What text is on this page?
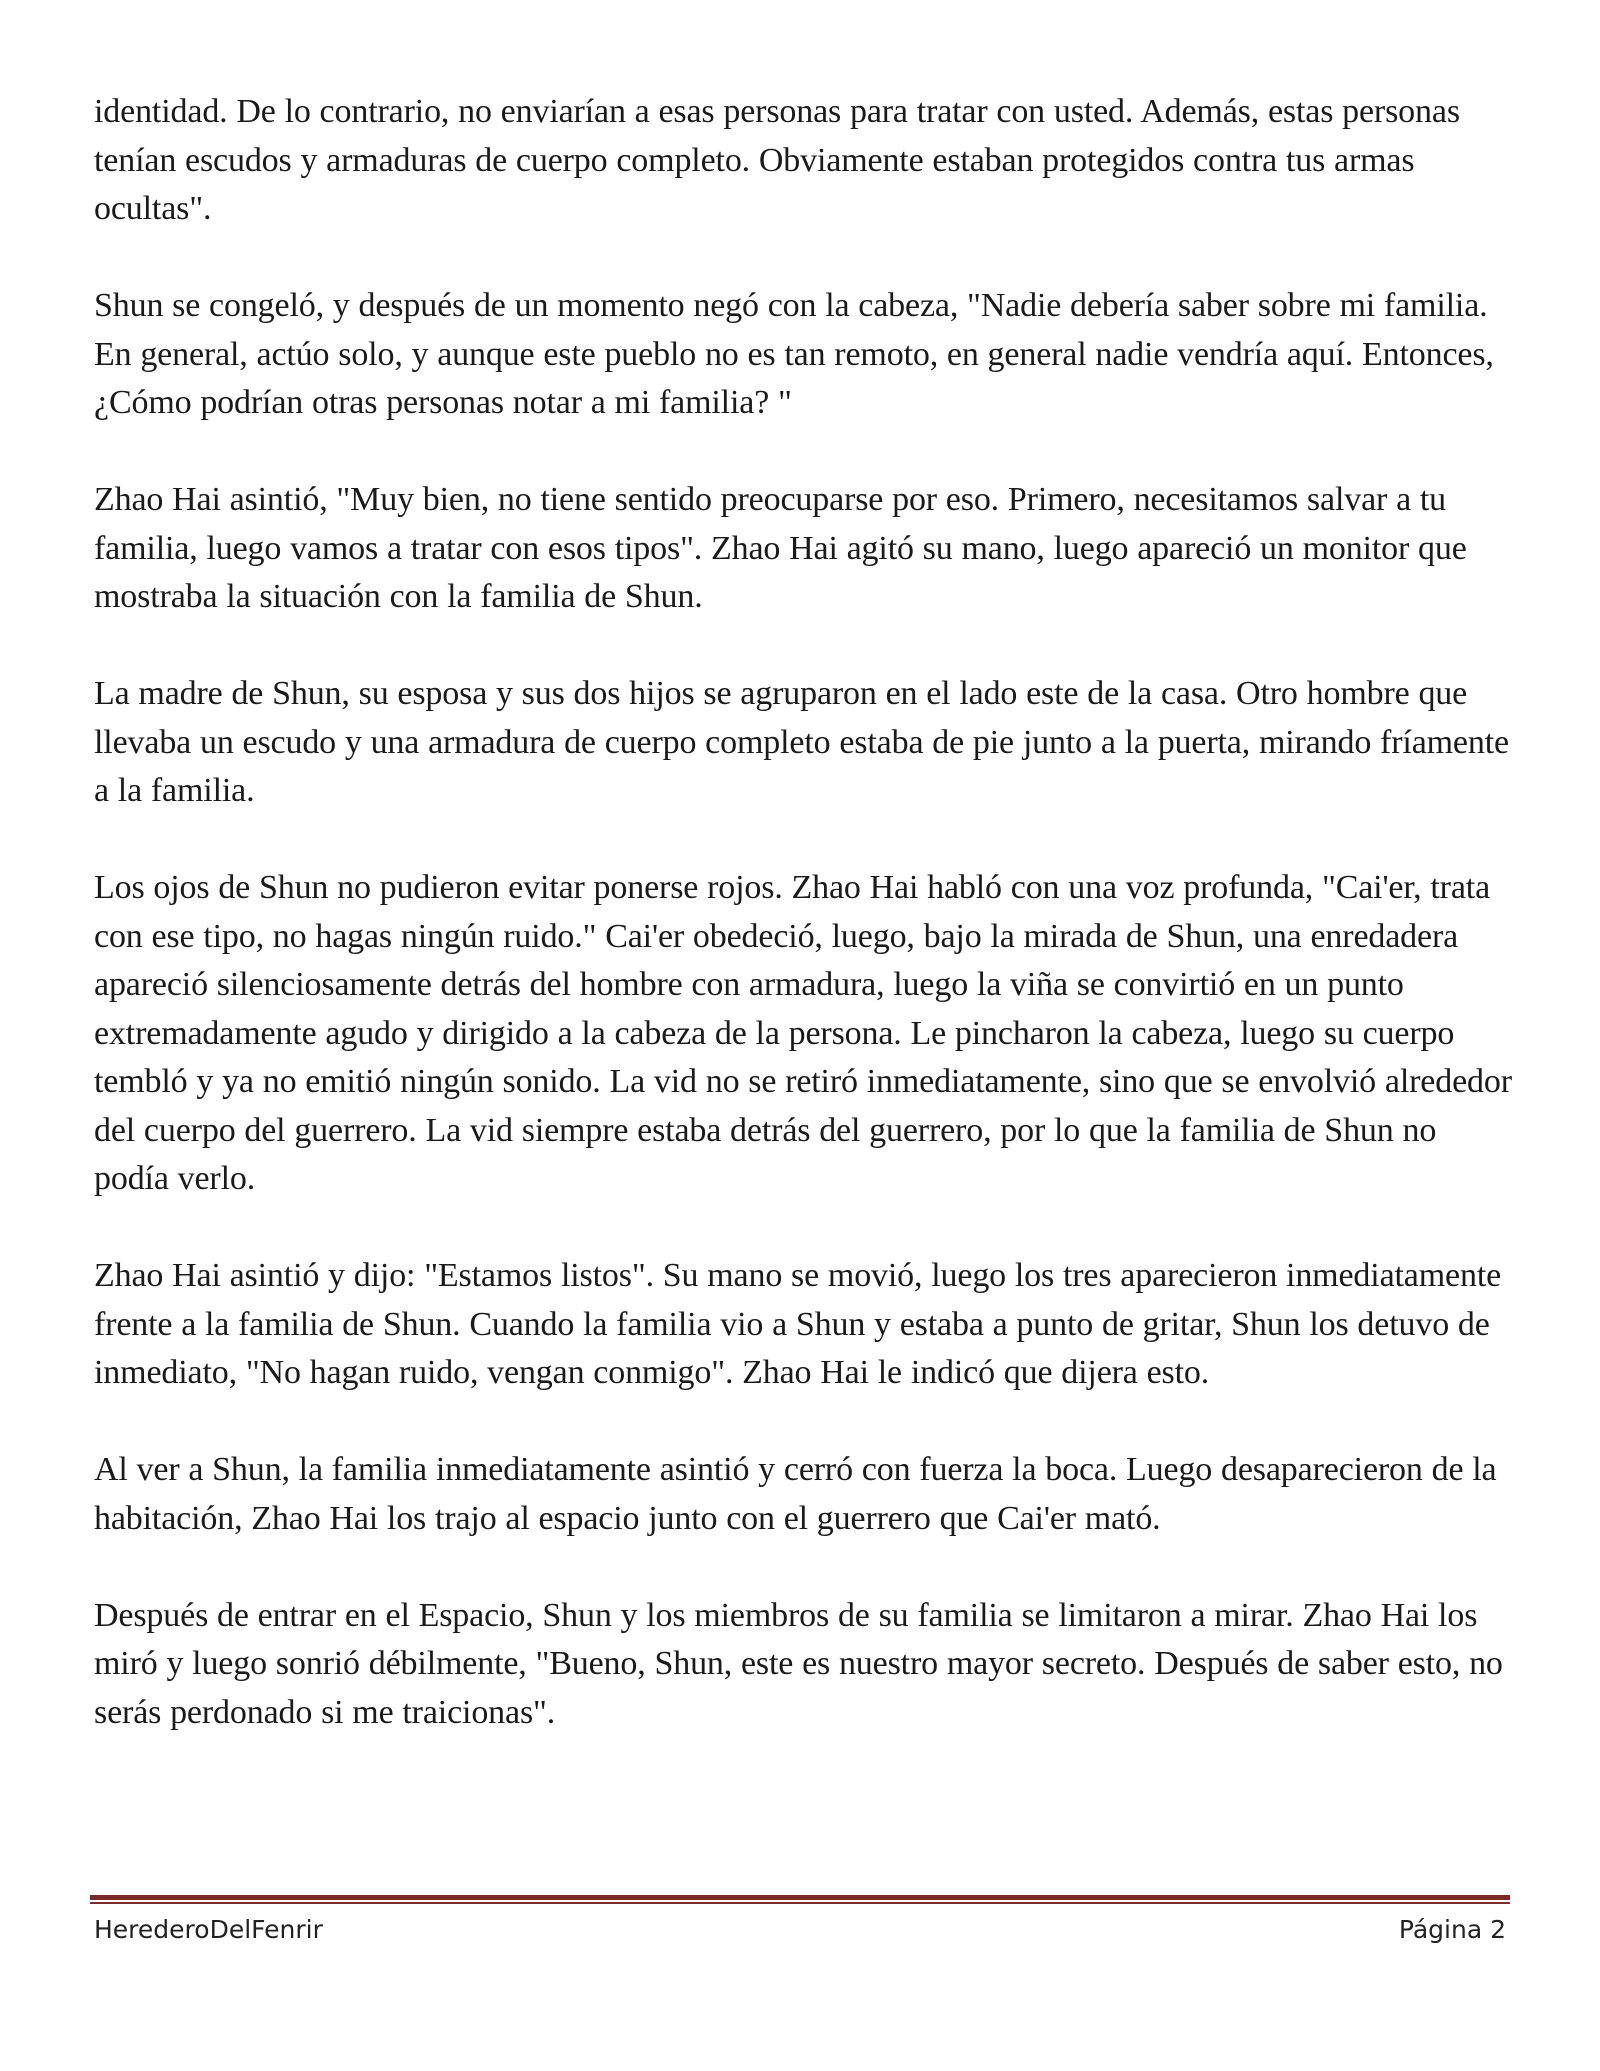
identidad. De lo contrario, no enviarían a esas personas para tratar con usted. Además, estas personas tenían escudos y armaduras de cuerpo completo. Obviamente estaban protegidos contra tus armas ocultas".

Shun se congeló, y después de un momento negó con la cabeza, "Nadie debería saber sobre mi familia. En general, actúo solo, y aunque este pueblo no es tan remoto, en general nadie vendría aquí. Entonces, ¿Cómo podrían otras personas notar a mi familia? "

Zhao Hai asintió, "Muy bien, no tiene sentido preocuparse por eso. Primero, necesitamos salvar a tu familia, luego vamos a tratar con esos tipos". Zhao Hai agitó su mano, luego apareció un monitor que mostraba la situación con la familia de Shun.

La madre de Shun, su esposa y sus dos hijos se agruparon en el lado este de la casa. Otro hombre que llevaba un escudo y una armadura de cuerpo completo estaba de pie junto a la puerta, mirando fríamente a la familia.

Los ojos de Shun no pudieron evitar ponerse rojos. Zhao Hai habló con una voz profunda, "Cai'er, trata con ese tipo, no hagas ningún ruido." Cai'er obedeció, luego, bajo la mirada de Shun, una enredadera apareció silenciosamente detrás del hombre con armadura, luego la viña se convirtió en un punto extremadamente agudo y dirigido a la cabeza de la persona. Le pincharon la cabeza, luego su cuerpo tembló y ya no emitió ningún sonido. La vid no se retiró inmediatamente, sino que se envolvió alrededor del cuerpo del guerrero. La vid siempre estaba detrás del guerrero, por lo que la familia de Shun no podía verlo.

Zhao Hai asintió y dijo: "Estamos listos". Su mano se movió, luego los tres aparecieron inmediatamente frente a la familia de Shun. Cuando la familia vio a Shun y estaba a punto de gritar, Shun los detuvo de inmediato, "No hagan ruido, vengan conmigo". Zhao Hai le indicó que dijera esto.

Al ver a Shun, la familia inmediatamente asintió y cerró con fuerza la boca. Luego desaparecieron de la habitación, Zhao Hai los trajo al espacio junto con el guerrero que Cai'er mató.

Después de entrar en el Espacio, Shun y los miembros de su familia se limitaron a mirar. Zhao Hai los miró y luego sonrió débilmente, "Bueno, Shun, este es nuestro mayor secreto. Después de saber esto, no serás perdonado si me traicionas".

HerederoDelFenrir	Página 2
